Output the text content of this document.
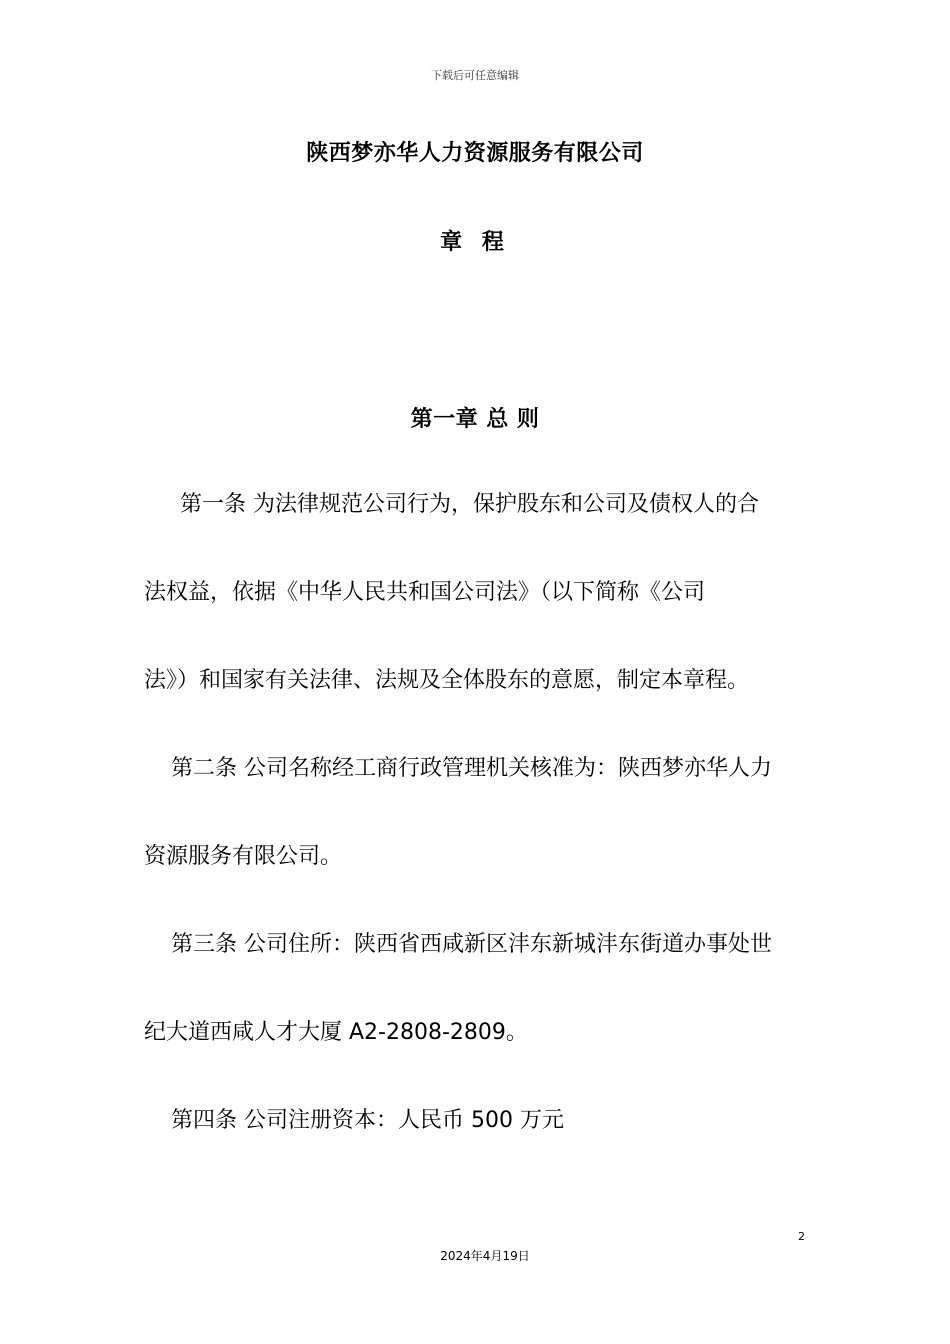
下载后可任意编辑
陕西梦亦华人力资源服务有限公司
章 程
第一章 总 则
第一条 为法律规范公司行为，保护股东和公司及债权人的合
法权益，依据《中华人民共和国公司法》（以下简称《公司
法》）和国家有关法律、法规及全体股东的意愿，制定本章程。
第二条 公司名称经工商行政管理机关核准为：陕西梦亦华人力
资源服务有限公司。
第三条 公司住所：陕西省西咸新区沣东新城沣东街道办事处世
纪大道西咸人才大厦 A2-2808-2809。
第四条 公司注册资本：人民币 500 万元
2
2024年4月19日
